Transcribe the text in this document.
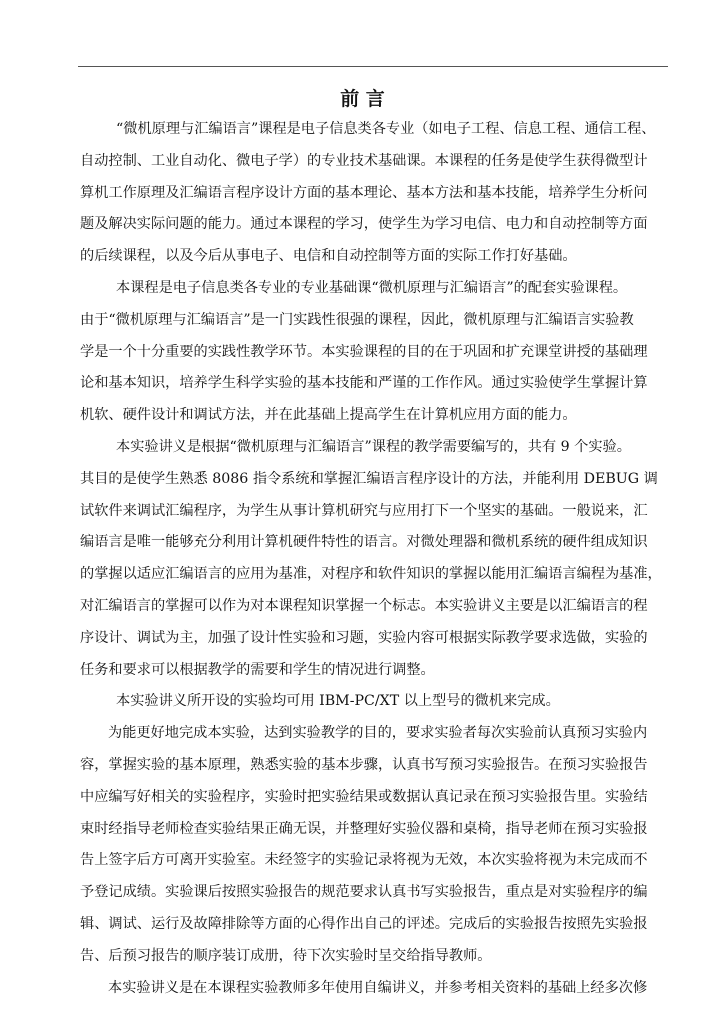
前 言
“微机原理与汇编语言”课程是电子信息类各专业（如电子工程、信息工程、通信工程、
自动控制、工业自动化、微电子学）的专业技术基础课。本课程的任务是使学生获得微型计
算机工作原理及汇编语言程序设计方面的基本理论、基本方法和基本技能，培养学生分析问
题及解决实际问题的能力。通过本课程的学习，使学生为学习电信、电力和自动控制等方面
的后续课程，以及今后从事电子、电信和自动控制等方面的实际工作打好基础。
本课程是电子信息类各专业的专业基础课“微机原理与汇编语言”的配套实验课程。
由于“微机原理与汇编语言”是一门实践性很强的课程，因此，微机原理与汇编语言实验教
学是一个十分重要的实践性教学环节。本实验课程的目的在于巩固和扩充课堂讲授的基础理
论和基本知识，培养学生科学实验的基本技能和严谨的工作作风。通过实验使学生掌握计算
机软、硬件设计和调试方法，并在此基础上提高学生在计算机应用方面的能力。
本实验讲义是根据“微机原理与汇编语言”课程的教学需要编写的，共有 9 个实验。
其目的是使学生熟悉 8086 指令系统和掌握汇编语言程序设计的方法，并能利用 DEBUG 调
试软件来调试汇编程序，为学生从事计算机研究与应用打下一个坚实的基础。一般说来，汇
编语言是唯一能够充分利用计算机硬件特性的语言。对微处理器和微机系统的硬件组成知识
的掌握以适应汇编语言的应用为基准，对程序和软件知识的掌握以能用汇编语言编程为基准，
对汇编语言的掌握可以作为对本课程知识掌握一个标志。本实验讲义主要是以汇编语言的程
序设计、调试为主，加强了设计性实验和习题，实验内容可根据实际教学要求选做，实验的
任务和要求可以根据教学的需要和学生的情况进行调整。
本实验讲义所开设的实验均可用 IBM-PC/XT 以上型号的微机来完成。
为能更好地完成本实验，达到实验教学的目的，要求实验者每次实验前认真预习实验内
容，掌握实验的基本原理，熟悉实验的基本步骤，认真书写预习实验报告。在预习实验报告
中应编写好相关的实验程序，实验时把实验结果或数据认真记录在预习实验报告里。实验结
束时经指导老师检查实验结果正确无误，并整理好实验仪器和桌椅，指导老师在预习实验报
告上签字后方可离开实验室。未经签字的实验记录将视为无效，本次实验将视为未完成而不
予登记成绩。实验课后按照实验报告的规范要求认真书写实验报告，重点是对实验程序的编
辑、调试、运行及故障排除等方面的心得作出自己的评述。完成后的实验报告按照先实验报
告、后预习报告的顺序装订成册，待下次实验时呈交给指导教师。
本实验讲义是在本课程实验教师多年使用自编讲义，并参考相关资料的基础上经多次修
